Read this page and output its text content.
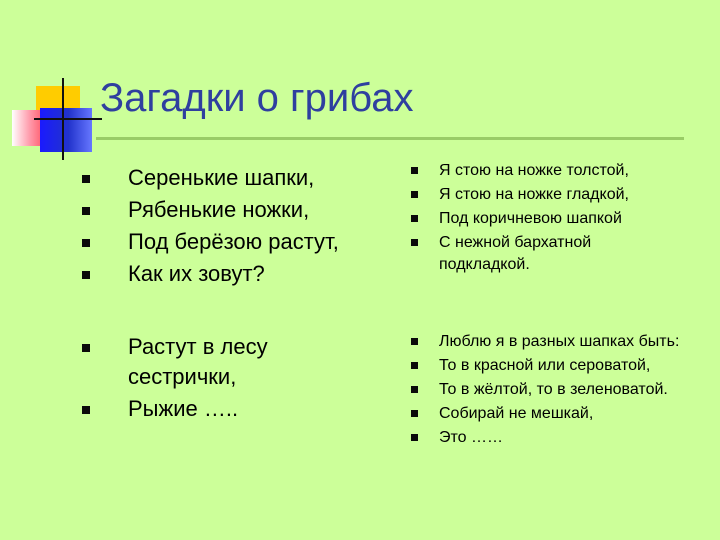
Загадки о грибах
Серенькие шапки,
Рябенькие ножки,
Под берёзою растут,
Как их зовут?
Растут в лесу сестрички,
Рыжие …..
Я стою на ножке толстой,
Я стою на ножке гладкой,
Под коричневою шапкой
С нежной бархатной подкладкой.
Люблю я в разных шапках быть:
То в красной или сероватой,
То в жёлтой, то в зеленоватой.
Собирай не мешкай,
Это ……
